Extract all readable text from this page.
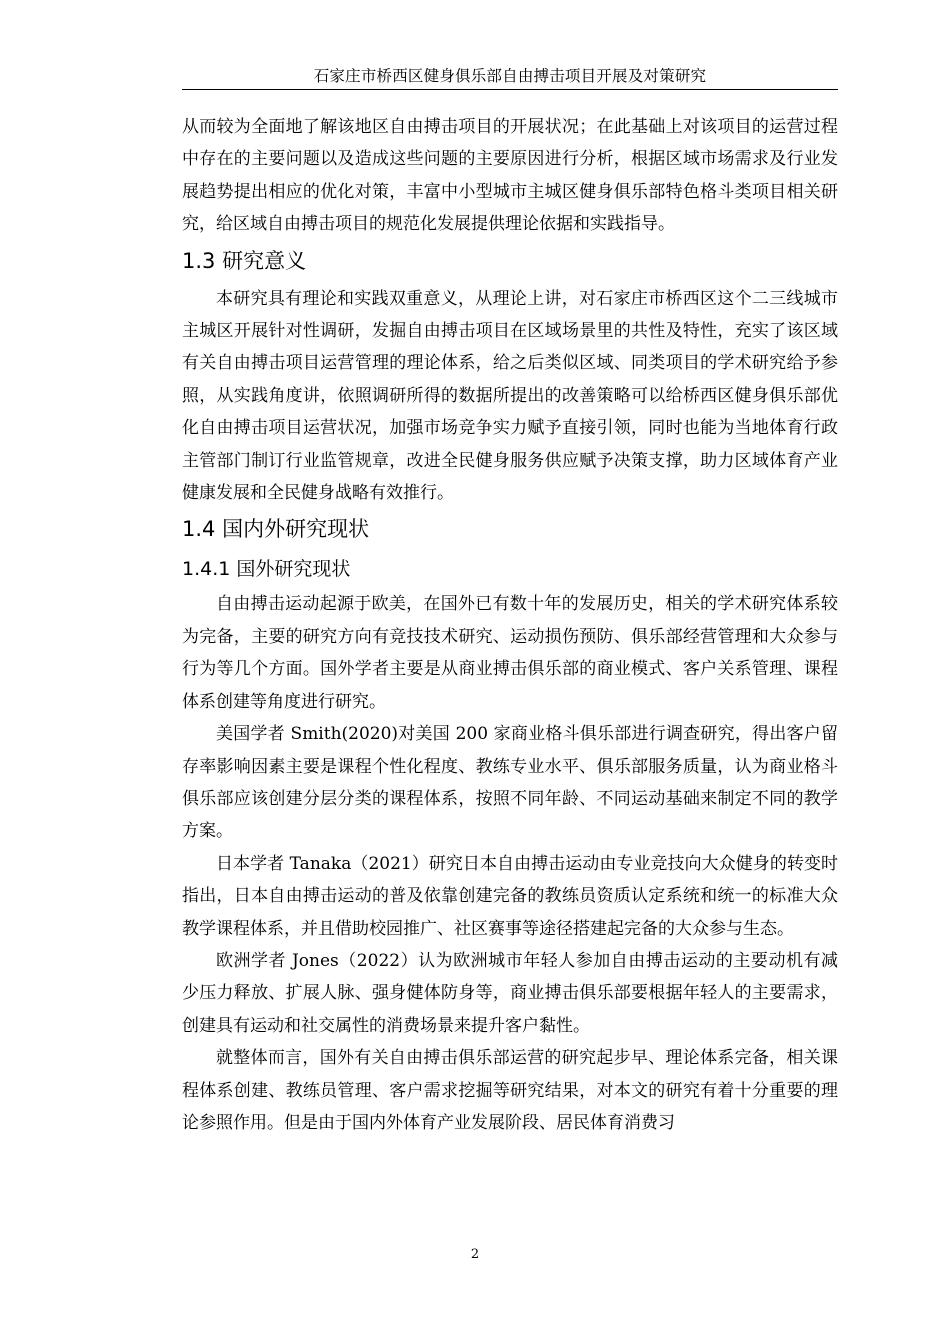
石家庄市桥西区健身俱乐部自由搏击项目开展及对策研究

从而较为全面地了解该地区自由搏击项目的开展状况；在此基础上对该项目的运营过程中存在的主要问题以及造成这些问题的主要原因进行分析，根据区域市场需求及行业发展趋势提出相应的优化对策，丰富中小型城市主城区健身俱乐部特色格斗类项目相关研究，给区域自由搏击项目的规范化发展提供理论依据和实践指导。

1.3 研究意义

本研究具有理论和实践双重意义，从理论上讲，对石家庄市桥西区这个二三线城市主城区开展针对性调研，发掘自由搏击项目在区域场景里的共性及特性，充实了该区域有关自由搏击项目运营管理的理论体系，给之后类似区域、同类项目的学术研究给予参照，从实践角度讲，依照调研所得的数据所提出的改善策略可以给桥西区健身俱乐部优化自由搏击项目运营状况，加强市场竞争实力赋予直接引领，同时也能为当地体育行政主管部门制订行业监管规章，改进全民健身服务供应赋予决策支撑，助力区域体育产业健康发展和全民健身战略有效推行。

1.4 国内外研究现状
1.4.1 国外研究现状

自由搏击运动起源于欧美，在国外已有数十年的发展历史，相关的学术研究体系较为完备，主要的研究方向有竞技技术研究、运动损伤预防、俱乐部经营管理和大众参与行为等几个方面。国外学者主要是从商业搏击俱乐部的商业模式、客户关系管理、课程体系创建等角度进行研究。

美国学者 Smith(2020)对美国 200 家商业格斗俱乐部进行调查研究，得出客户留存率影响因素主要是课程个性化程度、教练专业水平、俱乐部服务质量，认为商业格斗俱乐部应该创建分层分类的课程体系，按照不同年龄、不同运动基础来制定不同的教学方案。

日本学者 Tanaka（2021）研究日本自由搏击运动由专业竞技向大众健身的转变时指出，日本自由搏击运动的普及依靠创建完备的教练员资质认定系统和统一的标准大众教学课程体系，并且借助校园推广、社区赛事等途径搭建起完备的大众参与生态。

欧洲学者 Jones（2022）认为欧洲城市年轻人参加自由搏击运动的主要动机有减少压力释放、扩展人脉、强身健体防身等，商业搏击俱乐部要根据年轻人的主要需求，创建具有运动和社交属性的消费场景来提升客户黏性。

就整体而言，国外有关自由搏击俱乐部运营的研究起步早、理论体系完备，相关课程体系创建、教练员管理、客户需求挖掘等研究结果，对本文的研究有着十分重要的理论参照作用。但是由于国内外体育产业发展阶段、居民体育消费习

2
